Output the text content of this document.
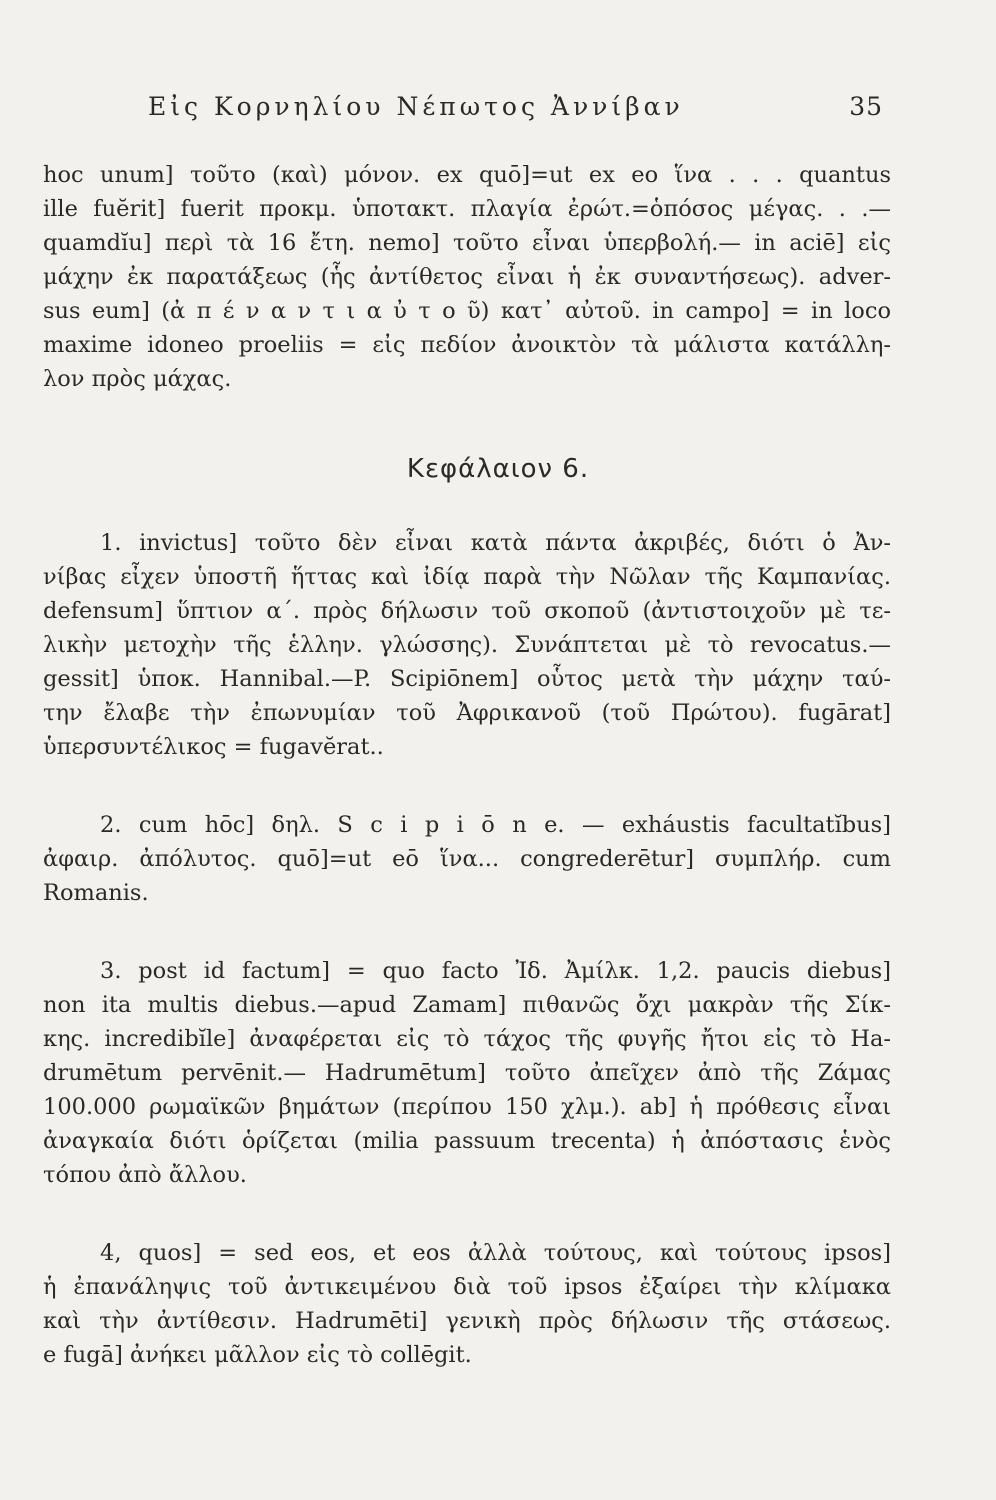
Εἰς Κορνηλίου Νέπωτος Ἀννίβαν	35
hoc unum] τοῦτο (καὶ) μόνον. ex quō]=ut ex eo ἵνα . . . quantus
ille fuĕrit] fuerit προκμ. ὑποτακτ. πλαγία ἐρώτ.=ὁπόσος μέγας. . .—
quamdĭu] περὶ τὰ 16 ἔτη. nemo] τοῦτο εἶναι ὑπερβολή.— in aciē] εἰς
μάχην ἐκ παρατάξεως (ἧς ἀντίθετος εἶναι ἡ ἐκ συναντήσεως). adver-
sus eum] (ἀ π έ ν α ν τ ι α ὐ τ ο ῦ) κατ᾽ αὐτοῦ. in campo] = in loco
maxime idoneo proeliis = εἰς πεδίον ἀνοικτὸν τὰ μάλιστα κατάλλη-
λον πρὸς μάχας.
Κεφάλαιον 6.
1. invictus] τοῦτο δὲν εἶναι κατὰ πάντα ἀκριβές, διότι ὁ Ἀν-
νίβας εἶχεν ὑποστῆ ἥττας καὶ ἰδίᾳ παρὰ τὴν Νῶλαν τῆς Καμπανίας.
defensum] ὕπτιον α΄. πρὸς δήλωσιν τοῦ σκοποῦ (ἀντιστοιχοῦν μὲ τε-
λικὴν μετοχὴν τῆς ἑλλην. γλώσσης). Συνάπτεται μὲ τὸ revocatus.—
gessit] ὑποκ. Hannibal.—P. Scipiōnem] οὗτος μετὰ τὴν μάχην ταύ-
την ἔλαβε τὴν ἐπωνυμίαν τοῦ Ἀφρικανοῦ (τοῦ Πρώτου). fugārat]
ὑπερσυντέλικος = fugavĕrat..
2. cum hōc] δηλ. S c i p i ō n e. — exháustis facultatĭbus]
ἀφαιρ. ἀπόλυτος. quō]=ut eō ἵνα... congrederētur] συμπλήρ. cum
Romanis.
3. post id factum] = quo facto Ἰδ. Ἀμίλκ. 1,2. paucis diebus]
non ita multis diebus.—apud Zamam] πιθανῶς ὄχι μακρὰν τῆς Σίκ-
κης. incredibĭle] ἀναφέρεται εἰς τὸ τάχος τῆς φυγῆς ἤτοι εἰς τὸ Ha-
drumētum pervēnit.— Hadrumētum] τοῦτο ἀπεῖχεν ἀπὸ τῆς Ζάμας
100.000 ρωμαϊκῶν βημάτων (περίπου 150 χλμ.). ab] ἡ πρόθεσις εἶναι
ἀναγκαία διότι ὁρίζεται (milia passuum trecenta) ἡ ἀπόστασις ἑνὸς
τόπου ἀπὸ ἄλλου.
4, quos] = sed eos, et eos ἀλλὰ τούτους, καὶ τούτους ipsos]
ἡ ἐπανάληψις τοῦ ἀντικειμένου διὰ τοῦ ipsos ἐξαίρει τὴν κλίμακα
καὶ τὴν ἀντίθεσιν. Hadrumēti] γενικὴ πρὸς δήλωσιν τῆς στάσεως.
e fugā] ἀνήκει μᾶλλον εἰς τὸ collēgit.
